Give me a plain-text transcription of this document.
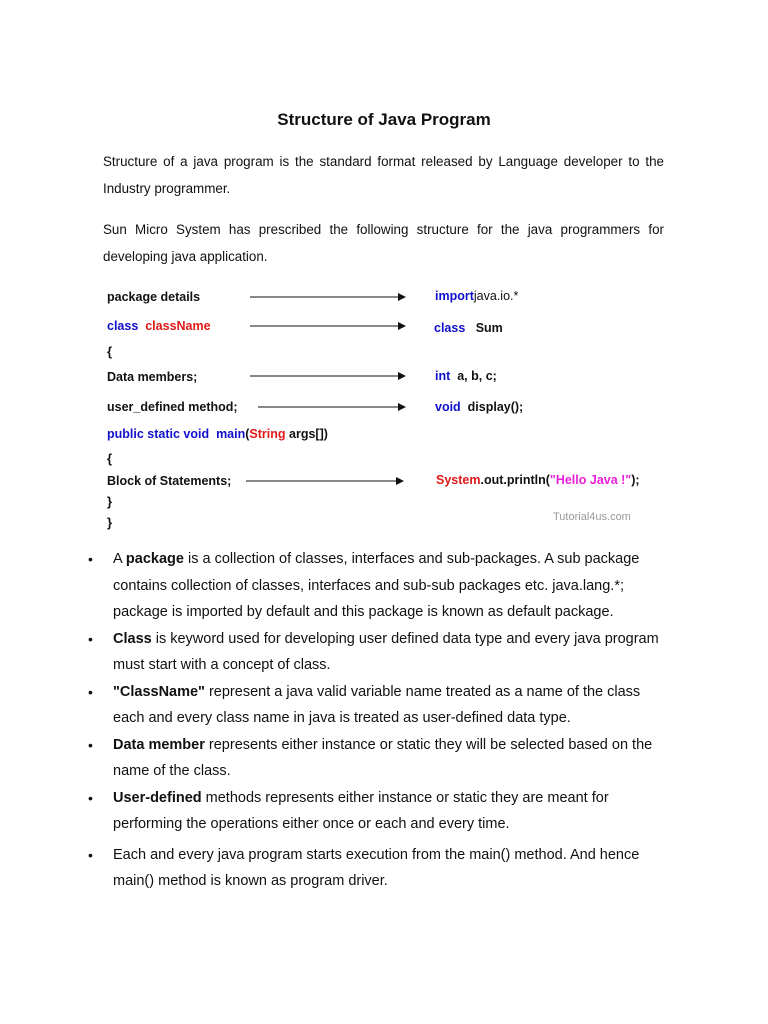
Structure of Java Program
Structure of a java program is the standard format released by Language developer to the Industry programmer.
Sun Micro System has prescribed the following structure for the java programmers for developing java application.
package details
class className
{
Data members;
user_defined method;
public static void main(String args[])
{
Block of Statements;
}
}
importjava.io.*
class Sum
int a, b, c;
void display();
System.out.println("Hello Java !");
Tutorial4us.com
• A package is a collection of classes, interfaces and sub-packages. A sub package contains collection of classes, interfaces and sub-sub packages etc. java.lang.*; package is imported by default and this package is known as default package.
• Class is keyword used for developing user defined data type and every java program must start with a concept of class.
• "ClassName" represent a java valid variable name treated as a name of the class each and every class name in java is treated as user-defined data type.
• Data member represents either instance or static they will be selected based on the name of the class.
• User-defined methods represents either instance or static they are meant for performing the operations either once or each and every time.
• Each and every java program starts execution from the main() method. And hence main() method is known as program driver.
